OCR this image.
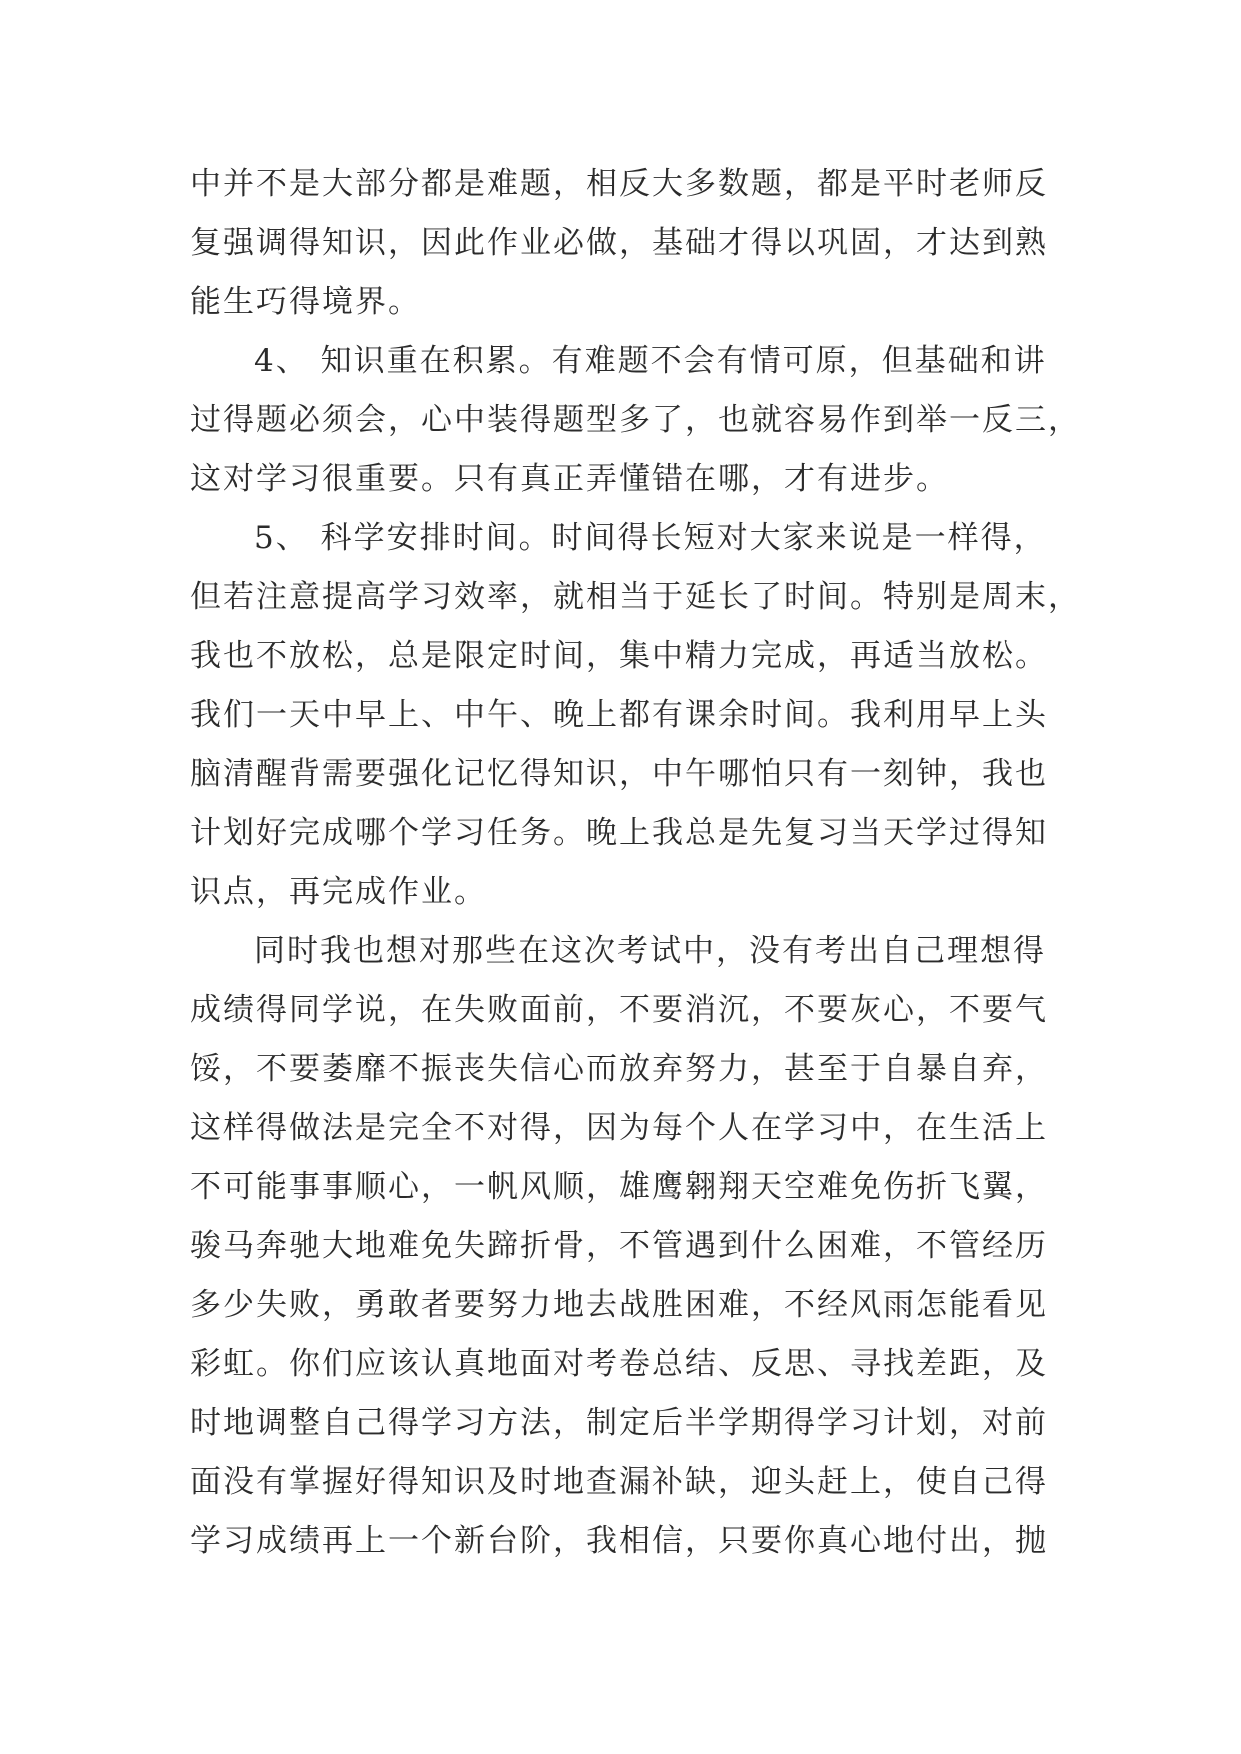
中并不是大部分都是难题，相反大多数题，都是平时老师反
复强调得知识，因此作业必做，基础才得以巩固，才达到熟
能生巧得境界。
4、 知识重在积累。有难题不会有情可原，但基础和讲
过得题必须会，心中装得题型多了，也就容易作到举一反三，
这对学习很重要。只有真正弄懂错在哪，才有进步。
5、 科学安排时间。时间得长短对大家来说是一样得，
但若注意提高学习效率，就相当于延长了时间。特别是周末，
我也不放松，总是限定时间，集中精力完成，再适当放松。
我们一天中早上、中午、晚上都有课余时间。我利用早上头
脑清醒背需要强化记忆得知识，中午哪怕只有一刻钟，我也
计划好完成哪个学习任务。晚上我总是先复习当天学过得知
识点，再完成作业。
同时我也想对那些在这次考试中，没有考出自己理想得
成绩得同学说，在失败面前，不要消沉，不要灰心，不要气
馁，不要萎靡不振丧失信心而放弃努力，甚至于自暴自弃，
这样得做法是完全不对得，因为每个人在学习中，在生活上
不可能事事顺心，一帆风顺，雄鹰翱翔天空难免伤折飞翼，
骏马奔驰大地难免失蹄折骨，不管遇到什么困难，不管经历
多少失败，勇敢者要努力地去战胜困难，不经风雨怎能看见
彩虹。你们应该认真地面对考卷总结、反思、寻找差距，及
时地调整自己得学习方法，制定后半学期得学习计划，对前
面没有掌握好得知识及时地查漏补缺，迎头赶上，使自己得
学习成绩再上一个新台阶，我相信，只要你真心地付出，抛
